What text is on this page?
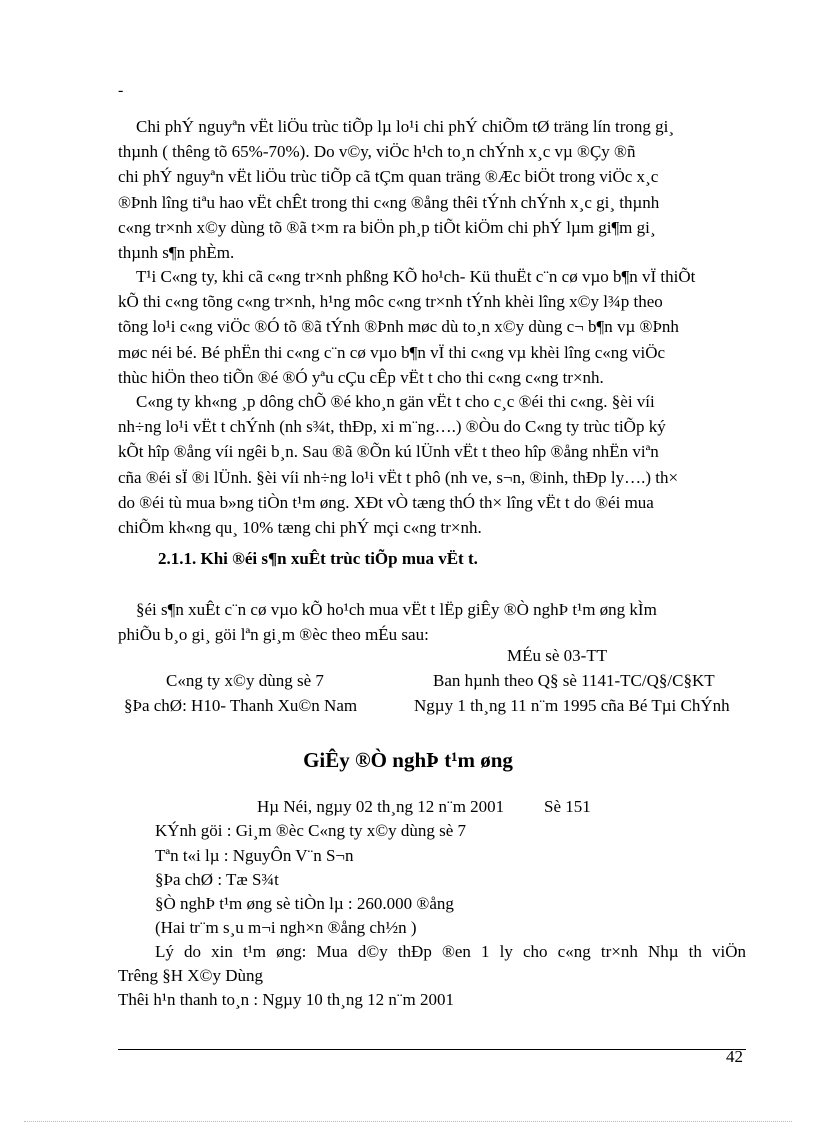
-
Chi phÝ nguyªn vËt liÖu trùc tiÕp lµ lo¹i chi phÝ chiÕm tØ träng lín trong gi¸
thµnh ( thêng tõ 65%-70%). Do v©y, viÖc h¹ch to¸n chÝnh x¸c vµ ®Çy ®ñ
chi phÝ nguyªn vËt liÖu trùc tiÕp cã tÇm quan träng ®Æc biÖt trong viÖc x¸c
®Þnh lîng tiªu hao vËt chÊt trong thi c«ng ®ång thêi tÝnh chÝnh x¸c gi¸ thµnh
c«ng tr×nh x©y dùng tõ ®ã t×m ra biÖn ph¸p tiÕt kiÖm chi phÝ lµm gi¶m gi¸
thµnh s¶n phÈm.
T¹i C«ng ty, khi cã c«ng tr×nh phßng KÕ ho¹ch- Kü thuËt c¨n cø vµo b¶n vÏ thiÕt
kÕ thi c«ng tõng c«ng tr×nh, h¹ng môc c«ng tr×nh tÝnh khèi lîng x©y l¾p theo
tõng lo¹i c«ng viÖc ®Ó tõ ®ã tÝnh ®Þnh møc dù to¸n x©y dùng c¬ b¶n vµ ®Þnh
møc néi bé. Bé phËn thi c«ng c¨n cø vµo b¶n vÏ thi c«ng vµ khèi lîng c«ng viÖc
thùc hiÖn theo tiÕn ®é ®Ó yªu cÇu cÊp vËt t cho thi c«ng c«ng tr×nh.
C«ng ty kh«ng ¸p dông chÕ ®é kho¸n gän vËt t cho c¸c ®éi thi c«ng. §èi víi
nh÷ng lo¹i vËt t chÝnh (nh s¾t, thÐp, xi m¨ng….) ®Òu do C«ng ty trùc tiÕp ký
kÕt hîp ®ång víi ngêi b¸n. Sau ®ã ®Õn kú lÜnh vËt t theo hîp ®ång nhËn viªn
cña ®éi sÏ ®i lÜnh. §èi víi nh÷ng lo¹i vËt t phô (nh ve, s¬n, ®inh, thÐp ly….) th×
do ®éi tù mua b»ng tiÒn t¹m øng. XÐt vÒ tæng thÓ th× lîng vËt t do ®éi mua
chiÕm kh«ng qu¸ 10% tæng chi phÝ mçi c«ng tr×nh.
2.1.1. Khi ®éi s¶n xuÊt trùc tiÕp mua vËt t.
§éi s¶n xuÊt c¨n cø vµo kÕ ho¹ch mua vËt t lËp giÊy ®Ò nghÞ t¹m øng kÌm
phiÕu b¸o gi¸ göi lªn gi¸m ®èc theo mÉu sau:
MÉu sè 03-TT
C«ng ty x©y dùng sè 7	Ban hµnh theo Q§ sè 1141-TC/Q§/C§KT
§Þa chØ: H10- Thanh Xu©n Nam	Ngµy 1 th¸ng 11 n¨m 1995 cña Bé Tµi ChÝnh
GiÊy ®Ò nghÞ t¹m øng
Hµ Néi, ngµy 02 th¸ng 12 n¨m 2001 Sè 151
KÝnh göi : Gi¸m ®èc C«ng ty x©y dùng sè 7
Tªn t«i lµ : NguyÔn V¨n S¬n
§Þa chØ : Tæ S¾t
§Ò nghÞ t¹m øng sè tiÒn lµ : 260.000 ®ång
(Hai tr¨m s¸u m¬i ngh×n ®ång ch½n )
Lý do xin t¹m øng: Mua d©y thÐp ®en 1 ly cho c«ng tr×nh Nhµ th viÖn
Trêng §H X©y Dùng
Thêi h¹n thanh to¸n : Ngµy 10 th¸ng 12 n¨m 2001
42
